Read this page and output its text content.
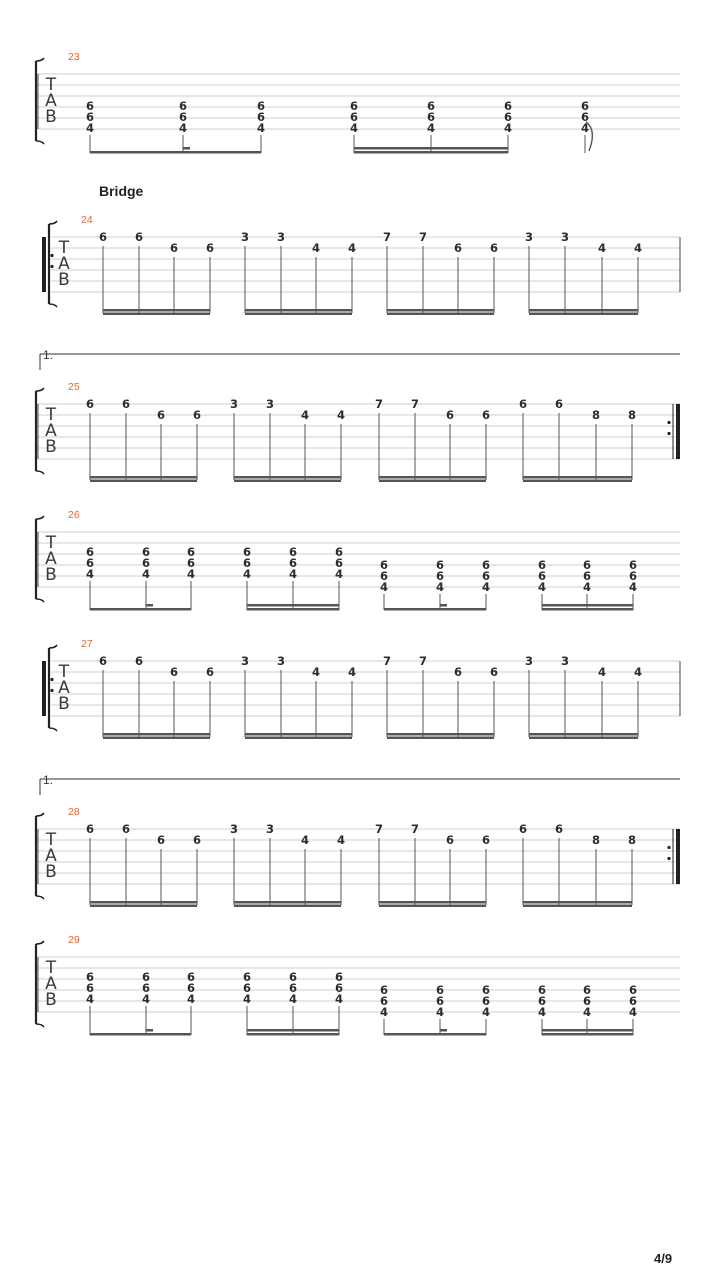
Bridge
4/9
T
A
B
23
6
6
4
6
6
4
6
6
4
6
6
4
6
6
4
6
6
4
6
6
4
T
A
B
24
6 6
6 6
3 3
4 4
7 7
6 6
3 3
4 4
T
A
B
25
1.
6 6
6 6
3 3
4 4
7 7
6 6
6 6
8 8
T
A
B
26
6
6
4
6
6
4
6
6
4
6
6
4
6
6
4
6
6
4
6
6
4
6
6
4
6
6
4
6
6
4
6
6
4
6
6
4
T
A
B
27
6 6
6 6
3 3
4 4
7 7
6 6
3 3
4 4
T
A
B
28
1.
6 6
6 6
3 3
4 4
7 7
6 6
6 6
8 8
T
A
B
29
6
6
4
6
6
4
6
6
4
6
6
4
6
6
4
6
6
4
6
6
4
6
6
4
6
6
4
6
6
4
6
6
4
6
6
4
